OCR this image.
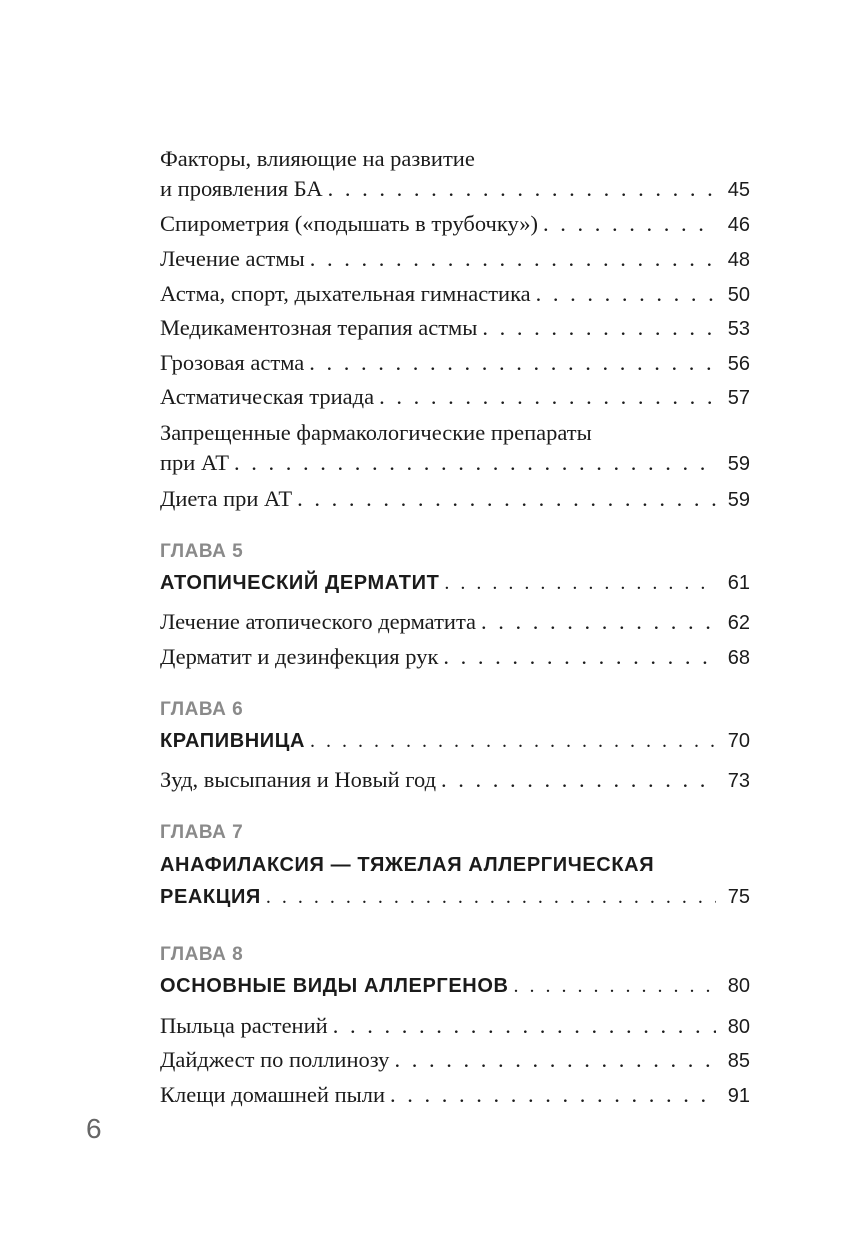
Факторы, влияющие на развитие
и проявления БА . . .	45
Спирометрия («подышать в трубочку») . . .	46
Лечение астмы . . .	48
Астма, спорт, дыхательная гимнастика . . .	50
Медикаментозная терапия астмы . . .	53
Грозовая астма . . .	56
Астматическая триада . . .	57
Запрещенные фармакологические препараты
при АТ . . .	59
Диета при АТ . . .	59
ГЛАВА 5
АТОПИЧЕСКИЙ ДЕРМАТИТ . . .	61
Лечение атопического дерматита . . .	62
Дерматит и дезинфекция рук . . .	68
ГЛАВА 6
КРАПИВНИЦА . . .	70
Зуд, высыпания и Новый год . . .	73
ГЛАВА 7
АНАФИЛАКСИЯ — ТЯЖЕЛАЯ АЛЛЕРГИЧЕСКАЯ
РЕАКЦИЯ . . .	75
ГЛАВА 8
ОСНОВНЫЕ ВИДЫ АЛЛЕРГЕНОВ . . .	80
Пыльца растений . . .	80
Дайджест по поллинозу . . .	85
Клещи домашней пыли . . .	91
6
